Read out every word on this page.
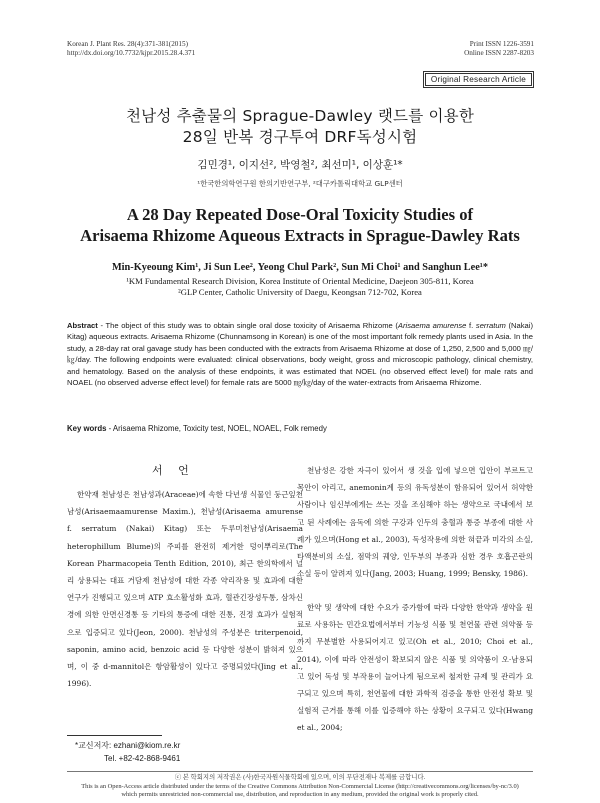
Korean J. Plant Res. 28(4):371-381(2015)
http://dx.doi.org/10.7732/kjpr.2015.28.4.371
Print ISSN 1226-3591
Online ISSN 2287-8203
Original Research Article
천남성 추출물의 Sprague-Dawley 랫드를 이용한
28일 반복 경구투여 DRF독성시험
김민경¹, 이지선², 박영철², 최선미¹, 이상훈¹*
¹한국한의학연구원 한의기반연구부, ²대구카톨릭대학교 GLP센터
A 28 Day Repeated Dose-Oral Toxicity Studies of
Arisaema Rhizome Aqueous Extracts in Sprague-Dawley Rats
Min-Kyeoung Kim¹, Ji Sun Lee², Yeong Chul Park², Sun Mi Choi¹ and Sanghun Lee¹*
¹KM Fundamental Research Division, Korea Institute of Oriental Medicine, Daejeon 305-811, Korea
²GLP Center, Catholic University of Daegu, Keongsan 712-702, Korea
Abstract - The object of this study was to obtain single oral dose toxicity of Arisaema Rhizome (Arisaema amurense f. serratum (Nakai) Kitag) aqueous extracts. Arisaema Rhizome (Chunnamsong in Korean) is one of the most important folk remedy plants used in Asia. In the study, a 28-day rat oral gavage study has been conducted with the extracts from Arisaema Rhizome at dose of 1,250, 2,500 and 5,000 ㎎/㎏/day. The following endpoints were evaluated: clinical observations, body weight, gross and microscopic pathology, clinical chemistry, and hematology. Based on the analysis of these endpoints, it was estimated that NOEL (no observed effect level) for male rats and NOAEL (no observed adverse effect level) for female rats are 5000 ㎎/㎏/day of the water-extracts from Arisaema Rhizome.
Key words - Arisaema Rhizome, Toxicity test, NOEL, NOAEL, Folk remedy
서 언
한약재 천남성은 천남성과(Araceae)에 속한 다년생 식물인 둥근잎천남성(Arisaemaamurense Maxim.), 천남성(Arisaema amurense f. serratum (Nakai) Kitag) 또는 두루미천남성(Arisaema heterophillum Blume)의 주피를 완전히 제거한 덩이뿌리로(The Korean Pharmacopeia Tenth Edition, 2010), 최근 한의학에서 널리 상용되는 대표 거담제 천남성에 대한 각종 약리작용 및 효과에 대한 연구가 진행되고 있으며 ATP 효소활성화 효과, 혈관긴장성두통, 삼차신경에 의한 안면신경통 등 기타의 통증에 대한 진통, 진정 효과가 실험적으로 입증되고 있다(Jeon, 2000). 천남성의 주성분은 triterpenoid, saponin, amino acid, benzoic acid 등 다양한 성분이 밝혀져 있으며, 이 중 d-mannitol은 항암활성이 있다고 증명되었다(Jing et al., 1996).
천남성은 강한 자극이 있어서 생 것을 입에 넣으면 입안이 부르트고 목안이 아리고, anemonin계 등의 유독성분이 함유되어 있어서 허약한 사람이나 임신부에게는 쓰는 것을 조심해야 하는 생약으로 국내에서 보고 된 사례에는 음독에 의한 구강과 인두의 충혈과 통증 부종에 대한 사례가 있으며(Hong et al., 2003), 독성작용에 의한 혀끝과 미각의 소실, 타액분비의 소실, 점막의 궤양, 인두부의 부종과 심한 경우 호흡곤란의 소실 등이 알려져 있다(Jang, 2003; Huang, 1999; Bensky, 1986).
한약 및 생약에 대한 수요가 증가함에 따라 다양한 한약과 생약을 원료로 사용하는 민간요법에서부터 기능성 식품 및 천연물 관련 의약품 등까지 무분별한 사용되어지고 있고(Oh et al., 2010; Choi et al., 2014), 이에 따라 안전성이 확보되지 않은 식품 및 의약품이 오·남용되고 있어 독성 및 부작용이 늘어나게 됨으로써 철저한 규제 및 관리가 요구되고 있으며 특히, 천연물에 대한 과학적 검증을 통한 안전성 확보 및 실험적 근거를 통해 이를 입증해야 하는 상황이 요구되고 있다(Hwang et al., 2004;
*교신저자: ezhani@kiom.re.kr
Tel. +82-42-868-9461
ⓒ 본 학회지의 저작권은 (사)한국자원식물학회에 있으며, 이의 무단전재나 복제를 금합니다.
This is an Open-Access article distributed under the terms of the Creative Commons Attribution Non-Commercial License (http://creativecommons.org/licenses/by-nc/3.0)
which permits unrestricted non-commercial use, distribution, and reproduction in any medium, provided the original work is properly cited.
